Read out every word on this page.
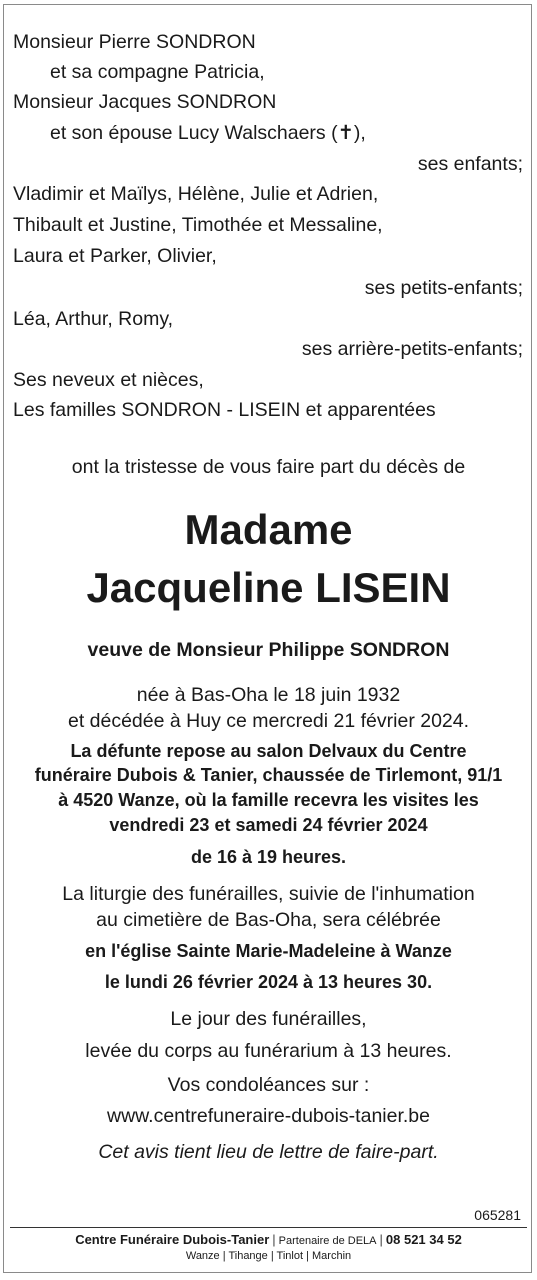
Monsieur Pierre SONDRON
et sa compagne Patricia,
Monsieur Jacques SONDRON
et son épouse Lucy Walschaers (✝),
ses enfants;
Vladimir et Maïlys, Hélène, Julie et Adrien,
Thibault et Justine, Timothée et Messaline,
Laura et Parker, Olivier,
ses petits-enfants;
Léa, Arthur, Romy,
ses arrière-petits-enfants;
Ses neveux et nièces,
Les familles SONDRON - LISEIN et apparentées
ont la tristesse de vous faire part du décès de
Madame
Jacqueline LISEIN
veuve de Monsieur Philippe SONDRON
née à Bas-Oha le 18 juin 1932
et décédée à Huy ce mercredi 21 février 2024.
La défunte repose au salon Delvaux du Centre
funéraire Dubois & Tanier, chaussée de Tirlemont, 91/1
à 4520 Wanze, où la famille recevra les visites les
vendredi 23 et samedi 24 février 2024
de 16 à 19 heures.
La liturgie des funérailles, suivie de l'inhumation
au cimetière de Bas-Oha, sera célébrée
en l'église Sainte Marie-Madeleine à Wanze
le lundi 26 février 2024 à 13 heures 30.
Le jour des funérailles,
levée du corps au funérarium à 13 heures.
Vos condoléances sur :
www.centrefuneraire-dubois-tanier.be
Cet avis tient lieu de lettre de faire-part.
065281
Centre Funéraire Dubois-Tanier | Partenaire de DELA | 08 521 34 52
Wanze | Tihange | Tinlot | Marchin
